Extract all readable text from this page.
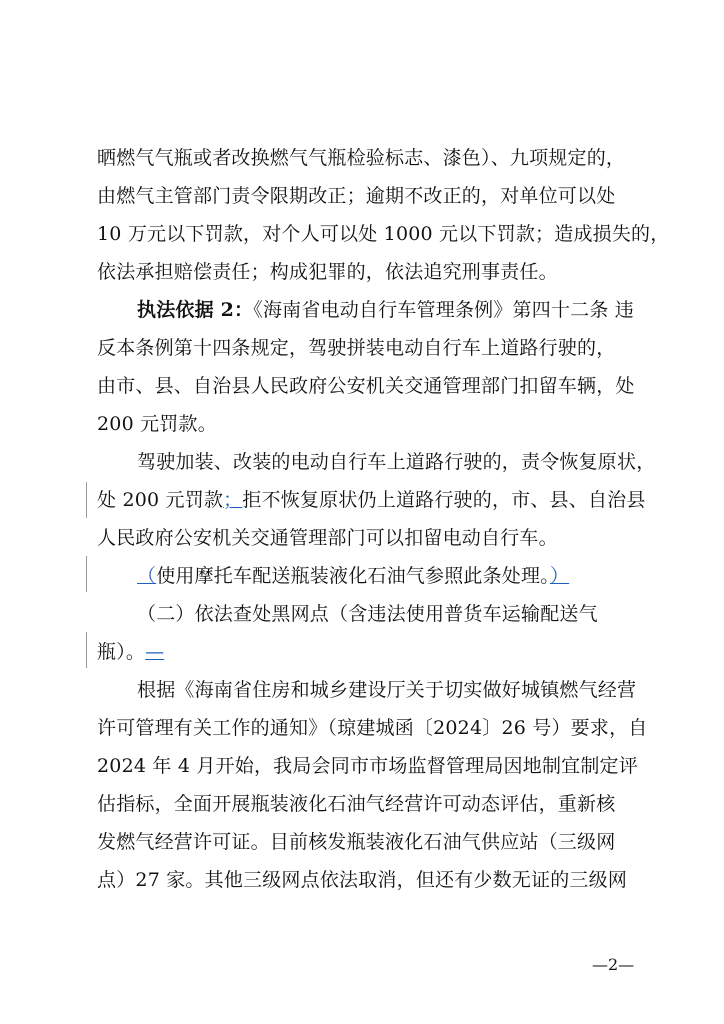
晒燃气气瓶或者改换燃气气瓶检验标志、漆色）、九项规定的，
由燃气主管部门责令限期改正；逾期不改正的，对单位可以处
10 万元以下罚款，对个人可以处 1000 元以下罚款；造成损失的，
依法承担赔偿责任；构成犯罪的，依法追究刑事责任。
执法依据 2：《海南省电动自行车管理条例》第四十二条 违
反本条例第十四条规定，驾驶拼装电动自行车上道路行驶的，
由市、县、自治县人民政府公安机关交通管理部门扣留车辆，处
200 元罚款。
驾驶加装、改装的电动自行车上道路行驶的，责令恢复原状，
处 200 元罚款；拒不恢复原状仍上道路行驶的，市、县、自治县
人民政府公安机关交通管理部门可以扣留电动自行车。
（使用摩托车配送瓶装液化石油气参照此条处理。）
（二）依法查处黑网点（含违法使用普货车运输配送气
瓶）。—
根据《海南省住房和城乡建设厅关于切实做好城镇燃气经营
许可管理有关工作的通知》（琼建城函〔2024〕26 号）要求，自
2024 年 4 月开始，我局会同市市场监督管理局因地制宜制定评
估指标，全面开展瓶装液化石油气经营许可动态评估，重新核
发燃气经营许可证。目前核发瓶装液化石油气供应站（三级网
点）27 家。其他三级网点依法取消，但还有少数无证的三级网
—2—
